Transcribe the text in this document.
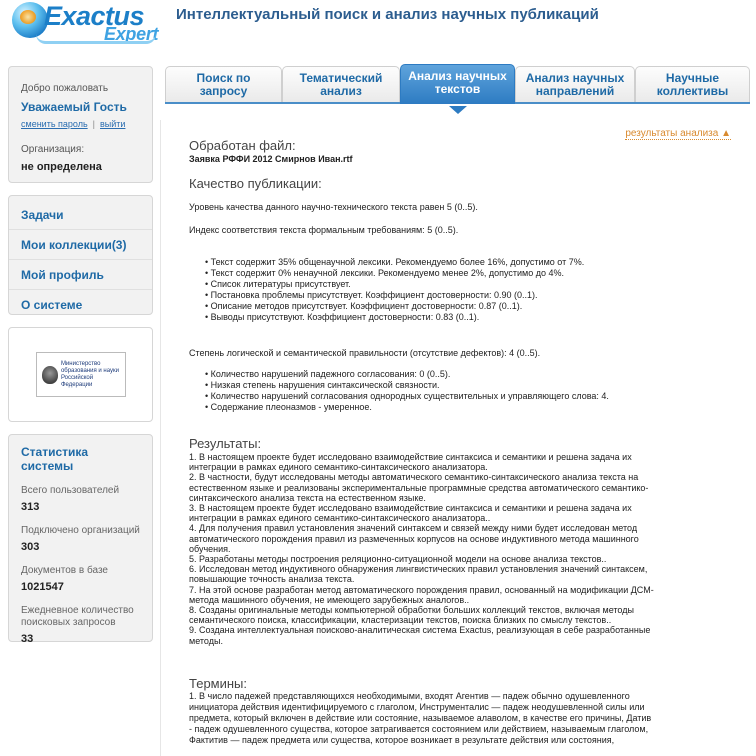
Exactus
Expert
Интеллектуальный поиск и анализ научных публикаций
Добро пожаловать
Уважаемый Гость
сменить пароль | выйти
Организация:
не определена
Задачи
Мои коллекции(3)
Мой профиль
О системе
Министерство
образования и науки
Российской Федерации
Статистика системы
Всего пользователей
313
Подключено организаций
303
Документов в базе
1021547
Ежедневное количество поисковых запросов
33
Поиск по
запросу
Тематический
анализ
Анализ научных
текстов
Анализ научных
направлений
Научные
коллективы
результаты анализа ▲
Обработан файл:
Заявка РФФИ 2012 Смирнов Иван.rtf
Качество публикации:
Уровень качества данного научно-технического текста равен 5 (0..5).
Индекс соответствия текста формальным требованиям: 5 (0..5).
• Текст содержит 35% общенаучной лексики. Рекомендуемо более 16%, допустимо от 7%.
• Текст содержит 0% ненаучной лексики. Рекомендуемо менее 2%, допустимо до 4%.
• Список литературы присутствует.
• Постановка проблемы присутствует. Коэффициент достоверности: 0.90 (0..1).
• Описание методов присутствует. Коэффициент достоверности: 0.87 (0..1).
• Выводы присутствуют. Коэффициент достоверности: 0.83 (0..1).
Степень логической и семантической правильности (отсутствие дефектов): 4 (0..5).
• Количество нарушений падежного согласования: 0 (0..5).
• Низкая степень нарушения синтаксической связности.
• Количество нарушений согласования однородных существительных и управляющего слова: 4.
• Содержание плеоназмов - умеренное.
Результаты:
1. В настоящем проекте будет исследовано взаимодействие синтаксиса и семантики и решена задача их
интеграции в рамках единого семантико-синтаксического анализатора.
2. В частности, будут исследованы методы автоматического семантико-синтаксического анализа текста на
естественном языке и реализованы экспериментальные программные средства автоматического семантико-
синтаксического анализа текста на естественном языке.
3. В настоящем проекте будет исследовано взаимодействие синтаксиса и семантики и решена задача их
интеграции в рамках единого семантико-синтаксического анализатора..
4. Для получения правил установления значений синтаксем и связей между ними будет исследован метод
автоматического порождения правил из размеченных корпусов на основе индуктивного метода машинного
обучения.
5. Разработаны методы построения реляционно-ситуационной модели на основе анализа текстов..
6. Исследован метод индуктивного обнаружения лингвистических правил установления значений синтаксем,
повышающие точность анализа текста.
7. На этой основе разработан метод автоматического порождения правил, основанный на модификации ДСМ-
метода машинного обучения, не имеющего зарубежных аналогов..
8. Созданы оригинальные методы компьютерной обработки больших коллекций текстов, включая методы
семантического поиска, классификации, кластеризации текстов, поиска близких по смыслу текстов..
9. Создана интеллектуальная поисково-аналитическая система Exactus, реализующая в себе разработанные
методы.
Термины:
1. В число падежей представляющихся необходимыми, входят Агентив — падеж обычно одушевленного
инициатора действия идентифицируемого с глаголом, Инструменталис — падеж неодушевленной силы или
предмета, который включен в действие или состояние, называемое алаволом, в качестве его причины, Датив
- падеж одушевленного существа, которое затрагивается состоянием или действием, называемым глаголом,
Фактитив — падеж предмета или существа, которое возникает в результате действия или состояния,
